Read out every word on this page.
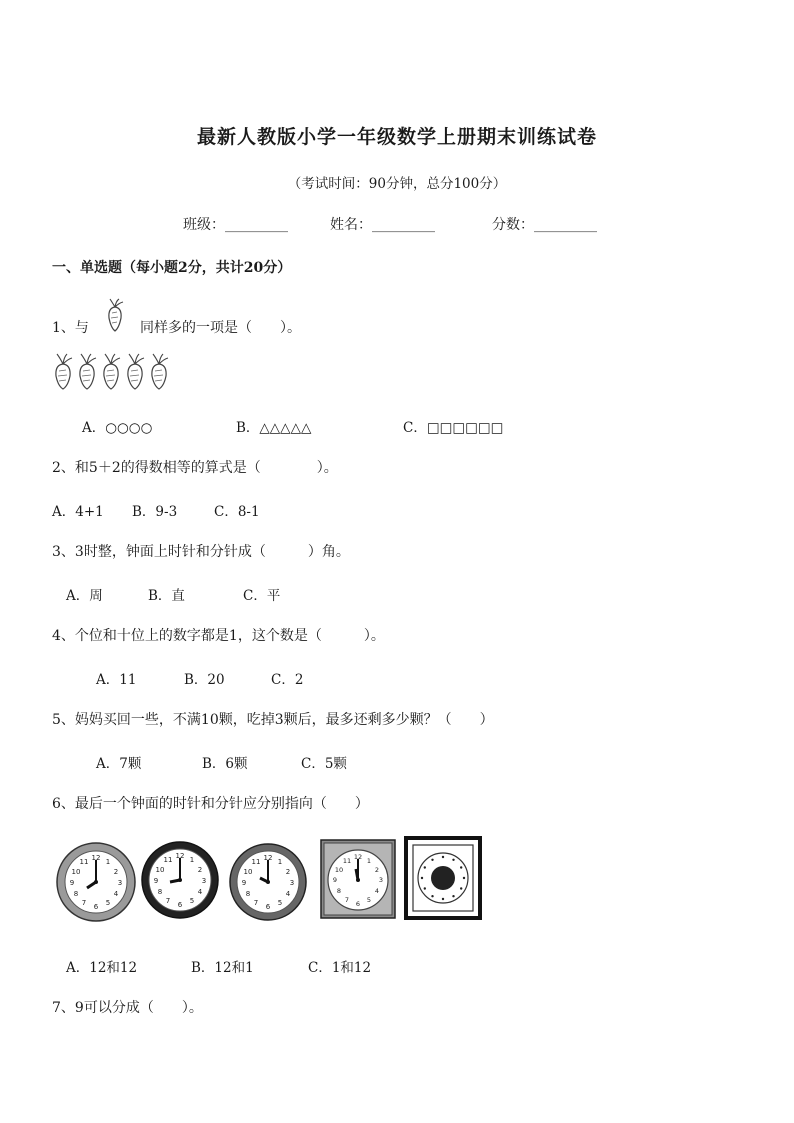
最新人教版小学一年级数学上册期末训练试卷
（考试时间：90分钟，总分100分）
班级：_________	姓名：_________	分数：_________
一、单选题（每小题2分，共计20分）
1、与	同样多的一项是（　　）。
A．○○○○	B．△△△△△	C．□□□□□□
2、和5＋2的得数相等的算式是（　　　　）。
A．4+1 B．9-3	C．8-1
3、3时整，钟面上时针和分针成（　　　）角。
A．周	B．直	C．平
4、个位和十位上的数字都是1，这个数是（　　　）。
A．11	B．20	C．2
5、妈妈买回一些，不满10颗，吃掉3颗后，最多还剩多少颗？（　　）
A．7颗	B．6颗	C．5颗
6、最后一个钟面的时针和分针应分别指向（　　）
12 1
2
3
4
5
6
7
8
9
10
11
12 1
2
3
4
5
6
7
8
9
10
11	12 1
2
3
4
5
6
7
8
9
10
11
12 1
2
3
4
5
6
7
8
9
10
11
A．12和12	B．12和1	C．1和12
7、9可以分成（　　）。
